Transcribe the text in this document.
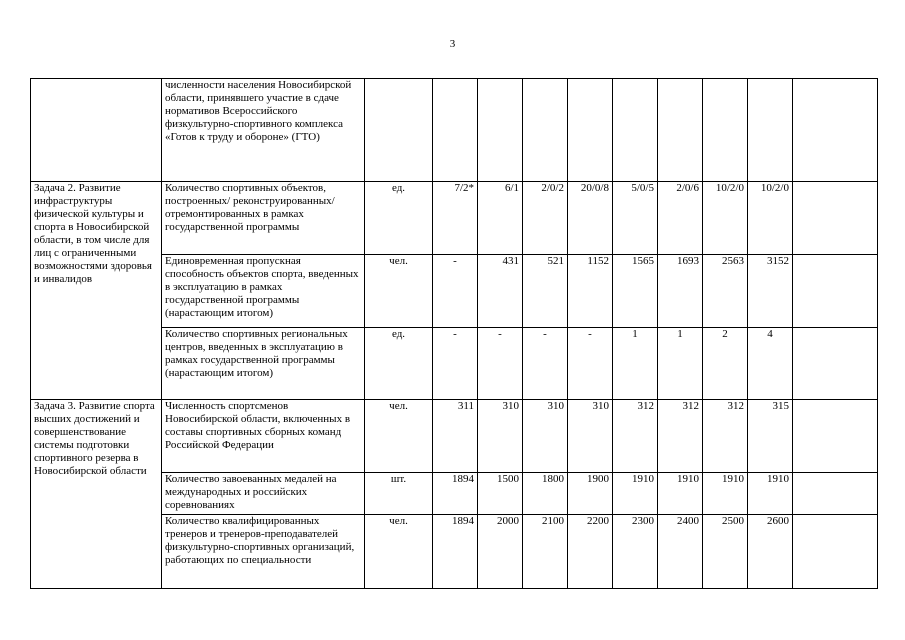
3
	численности населения Новосибирской области, принявшего участие в сдаче нормативов Всероссийского физкультурно-спортивного комплекса «Готов к труду и обороне» (ГТО)										
Задача 2. Развитие инфраструктуры физической культуры и спорта в Новосибирской области, в том числе для лиц с ограниченными возможностями здоровья и инвалидов	Количество спортивных объектов, построенных/ реконструированных/ отремонтированных в рамках государственной программы	ед.	7/2*	6/1	2/0/2	20/0/8	5/0/5	2/0/6	10/2/0	10/2/0	
	Единовременная пропускная способность объектов спорта, введенных в эксплуатацию в рамках государственной программы (нарастающим итогом)	чел.	-	431	521	1152	1565	1693	2563	3152	
	Количество спортивных региональных центров, введенных в эксплуатацию в рамках государственной программы (нарастающим итогом)	ед.	-	-	-	-	1	1	2	4	
Задача 3. Развитие спорта высших достижений и совершенствование системы подготовки спортивного резерва в Новосибирской области	Численность спортсменов Новосибирской области, включенных в составы спортивных сборных команд Российской Федерации	чел.	311	310	310	310	312	312	312	315	
	Количество завоеванных медалей на международных и российских соревнованиях	шт.	1894	1500	1800	1900	1910	1910	1910	1910	
	Количество квалифицированных тренеров и тренеров-преподавателей физкультурно-спортивных организаций, работающих по специальности	чел.	1894	2000	2100	2200	2300	2400	2500	2600	
